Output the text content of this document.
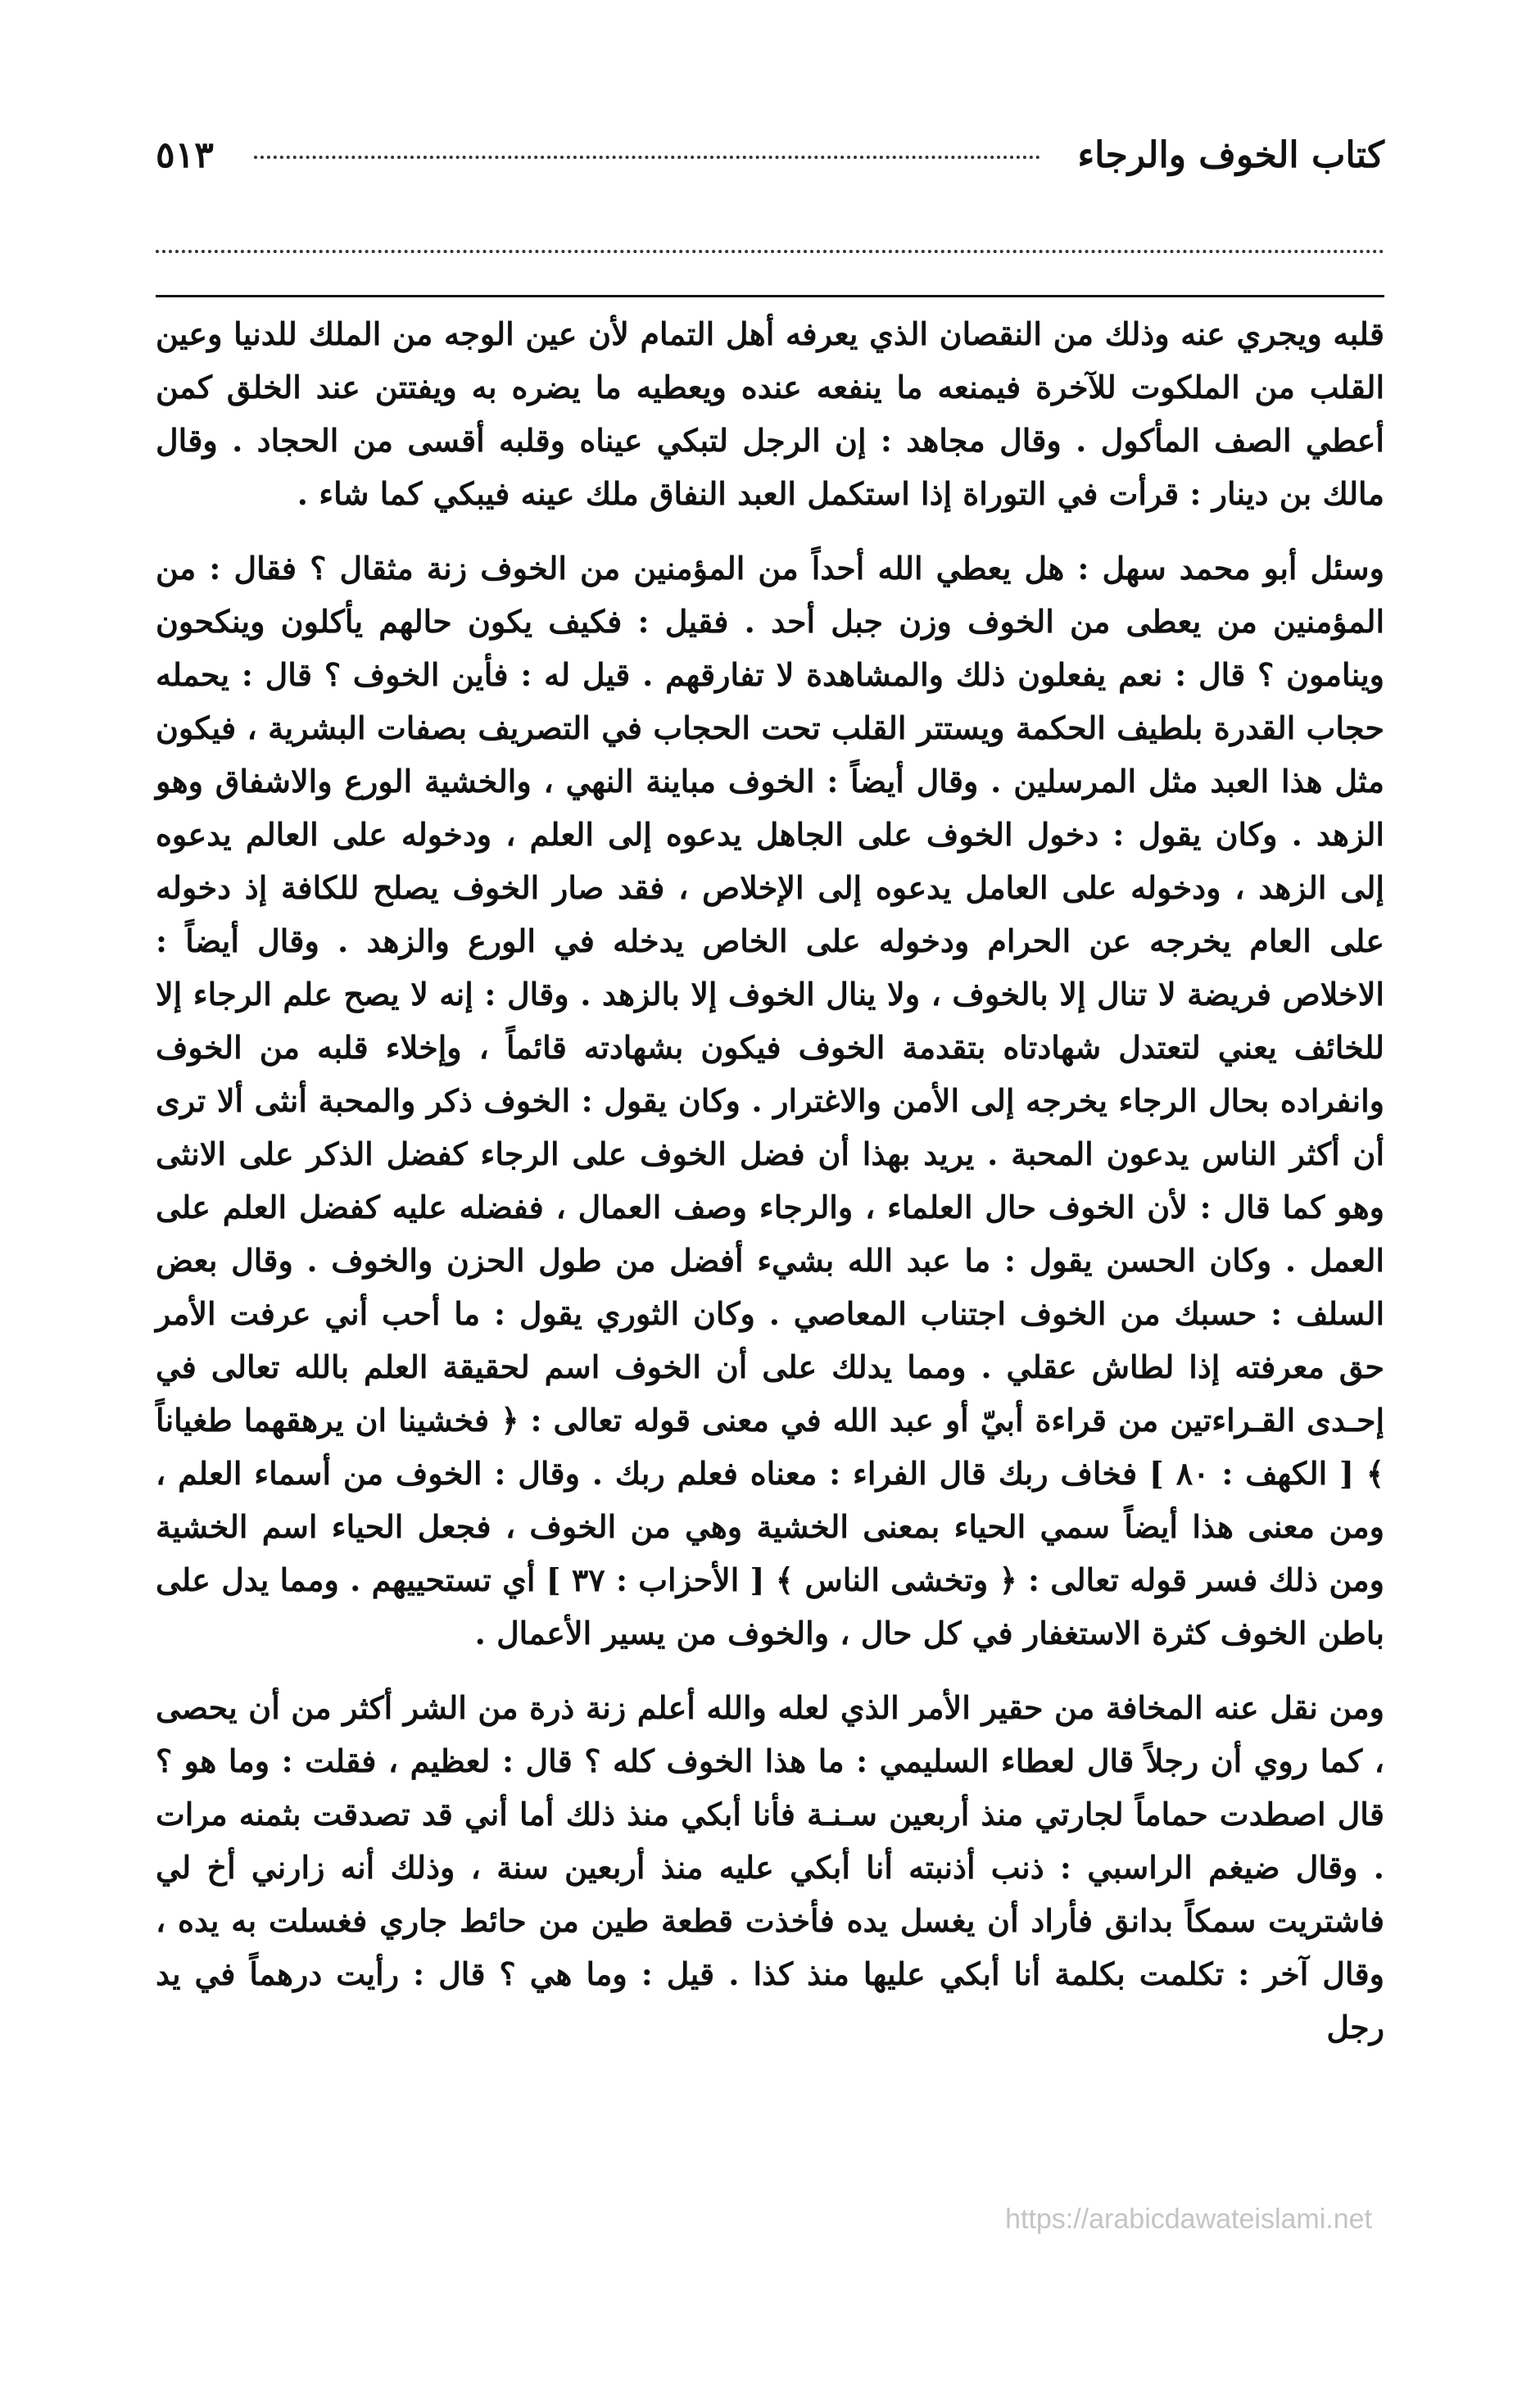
كتاب الخوف والرجاء
٥١٣

قلبه ويجري عنه وذلك من النقصان الذي يعرفه أهل التمام لأن عين الوجه من الملك للدنيا وعين القلب من الملكوت للآخرة فيمنعه ما ينفعه عنده ويعطيه ما يضره به ويفتتن عند الخلق كمن أعطي الصف المأكول . وقال مجاهد : إن الرجل لتبكي عيناه وقلبه أقسى من الحجاد . وقال مالك بن دينار : قرأت في التوراة إذا استكمل العبد النفاق ملك عينه فيبكي كما شاء .

وسئل أبو محمد سهل : هل يعطي الله أحداً من المؤمنين من الخوف زنة مثقال ؟ فقال : من المؤمنين من يعطى من الخوف وزن جبل أحد . فقيل : فكيف يكون حالهم يأكلون وينكحون وينامون ؟ قال : نعم يفعلون ذلك والمشاهدة لا تفارقهم . قيل له : فأين الخوف ؟ قال : يحمله حجاب القدرة بلطيف الحكمة ويستتر القلب تحت الحجاب في التصريف بصفات البشرية ، فيكون مثل هذا العبد مثل المرسلين . وقال أيضاً : الخوف مباينة النهي ، والخشية الورع والاشفاق وهو الزهد . وكان يقول : دخول الخوف على الجاهل يدعوه إلى العلم ، ودخوله على العالم يدعوه إلى الزهد ، ودخوله على العامل يدعوه إلى الإخلاص ، فقد صار الخوف يصلح للكافة إذ دخوله على العام يخرجه عن الحرام ودخوله على الخاص يدخله في الورع والزهد . وقال أيضاً : الاخلاص فريضة لا تنال إلا بالخوف ، ولا ينال الخوف إلا بالزهد . وقال : إنه لا يصح علم الرجاء إلا للخائف يعني لتعتدل شهادتاه بتقدمة الخوف فيكون بشهادته قائماً ، وإخلاء قلبه من الخوف وانفراده بحال الرجاء يخرجه إلى الأمن والاغترار . وكان يقول : الخوف ذكر والمحبة أنثى ألا ترى أن أكثر الناس يدعون المحبة . يريد بهذا أن فضل الخوف على الرجاء كفضل الذكر على الانثى وهو كما قال : لأن الخوف حال العلماء ، والرجاء وصف العمال ، ففضله عليه كفضل العلم على العمل . وكان الحسن يقول : ما عبد الله بشيء أفضل من طول الحزن والخوف . وقال بعض السلف : حسبك من الخوف اجتناب المعاصي . وكان الثوري يقول : ما أحب أني عرفت الأمر حق معرفته إذا لطاش عقلي . ومما يدلك على أن الخوف اسم لحقيقة العلم بالله تعالى في إحـدى القـراءتين من قراءة أبيّ أو عبد الله في معنى قوله تعالى : ﴿ فخشينا ان يرهقهما طغياناً ﴾ [ الكهف : ٨٠ ] فخاف ربك قال الفراء : معناه فعلم ربك . وقال : الخوف من أسماء العلم ، ومن معنى هذا أيضاً سمي الحياء بمعنى الخشية وهي من الخوف ، فجعل الحياء اسم الخشية ومن ذلك فسر قوله تعالى : ﴿ وتخشى الناس ﴾ [ الأحزاب : ٣٧ ] أي تستحييهم . ومما يدل على باطن الخوف كثرة الاستغفار في كل حال ، والخوف من يسير الأعمال .

ومن نقل عنه المخافة من حقير الأمر الذي لعله والله أعلم زنة ذرة من الشر أكثر من أن يحصى ، كما روي أن رجلاً قال لعطاء السليمي : ما هذا الخوف كله ؟ قال : لعظيم ، فقلت : وما هو ؟ قال اصطدت حماماً لجارتي منذ أربعين سـنـة فأنا أبكي منذ ذلك أما أني قد تصدقت بثمنه مرات . وقال ضيغم الراسبي : ذنب أذنبته أنا أبكي عليه منذ أربعين سنة ، وذلك أنه زارني أخ لي فاشتريت سمكاً بدانق فأراد أن يغسل يده فأخذت قطعة طين من حائط جاري فغسلت به يده ، وقال آخر : تكلمت بكلمة أنا أبكي عليها منذ كذا . قيل : وما هي ؟ قال : رأيت درهماً في يد رجل

https://arabicdawateislami.net
